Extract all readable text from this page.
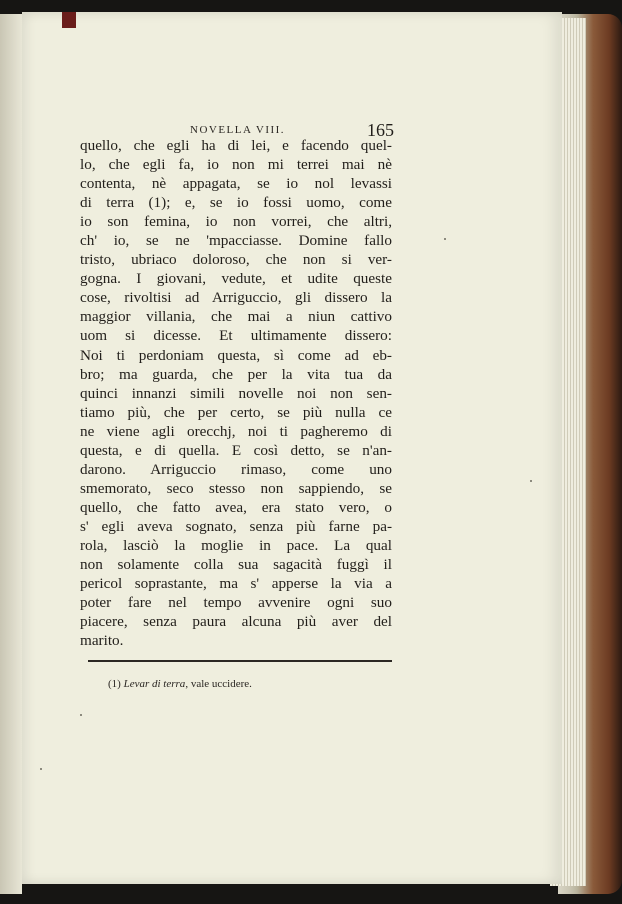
NOVELLA VIII.	165
quello, che egli ha di lei, e facendo quel-
lo, che egli fa, io non mi terrei mai nè
contenta, nè appagata, se io nol levassi
di terra (1); e, se io fossi uomo, come
io son femina, io non vorrei, che altri,
ch' io, se ne 'mpacciasse. Domine fallo
tristo, ubriaco doloroso, che non si ver-
gogna. I giovani, vedute, et udite queste
cose, rivoltisi ad Arriguccio, gli dissero la
maggior villania, che mai a niun cattivo
uom si dicesse. Et ultimamente dissero:
Noi ti perdoniam questa, sì come ad eb-
bro; ma guarda, che per la vita tua da
quinci innanzi simili novelle noi non sen-
tiamo più, che per certo, se più nulla ce
ne viene agli orecchj, noi ti pagheremo di
questa, e di quella. E così detto, se n'an-
darono. Arriguccio rimaso, come uno
smemorato, seco stesso non sappiendo, se
quello, che fatto avea, era stato vero, o
s' egli aveva sognato, senza più farne pa-
rola, lasciò la moglie in pace. La qual
non solamente colla sua sagacità fuggì il
pericol soprastante, ma s' apperse la via a
poter fare nel tempo avvenire ogni suo
piacere, senza paura alcuna più aver del
marito.
(1) Levar di terra, vale uccidere.
